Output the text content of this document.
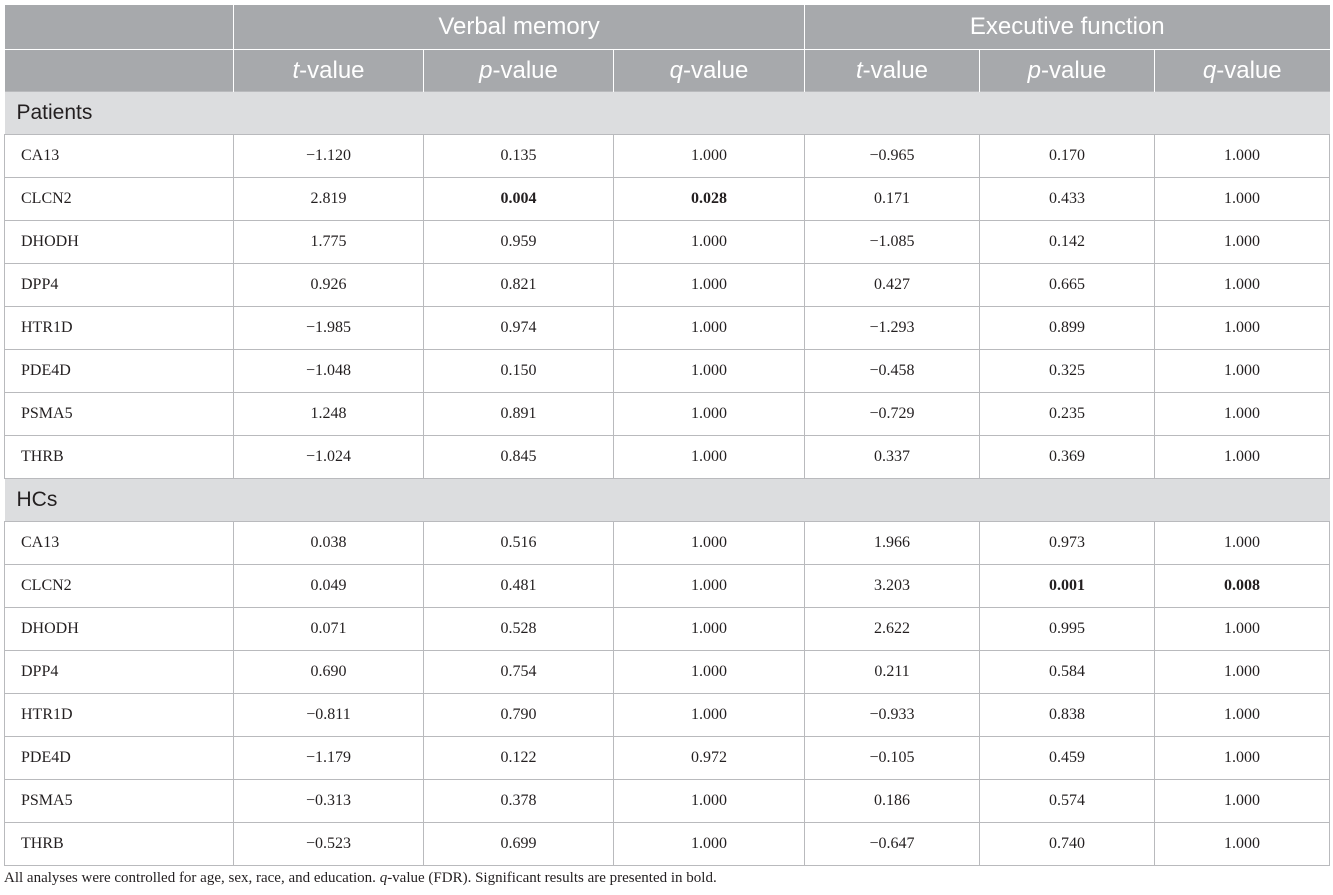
	Verbal memory			Executive function		
	t-value	p-value	q-value	t-value	p-value	q-value
Patients						
CA13	−1.120	0.135	1.000	−0.965	0.170	1.000
CLCN2	2.819	0.004	0.028	0.171	0.433	1.000
DHODH	1.775	0.959	1.000	−1.085	0.142	1.000
DPP4	0.926	0.821	1.000	0.427	0.665	1.000
HTR1D	−1.985	0.974	1.000	−1.293	0.899	1.000
PDE4D	−1.048	0.150	1.000	−0.458	0.325	1.000
PSMA5	1.248	0.891	1.000	−0.729	0.235	1.000
THRB	−1.024	0.845	1.000	0.337	0.369	1.000
HCs						
CA13	0.038	0.516	1.000	1.966	0.973	1.000
CLCN2	0.049	0.481	1.000	3.203	0.001	0.008
DHODH	0.071	0.528	1.000	2.622	0.995	1.000
DPP4	0.690	0.754	1.000	0.211	0.584	1.000
HTR1D	−0.811	0.790	1.000	−0.933	0.838	1.000
PDE4D	−1.179	0.122	0.972	−0.105	0.459	1.000
PSMA5	−0.313	0.378	1.000	0.186	0.574	1.000
THRB	−0.523	0.699	1.000	−0.647	0.740	1.000
All analyses were controlled for age, sex, race, and education. q-value (FDR). Significant results are presented in bold.
